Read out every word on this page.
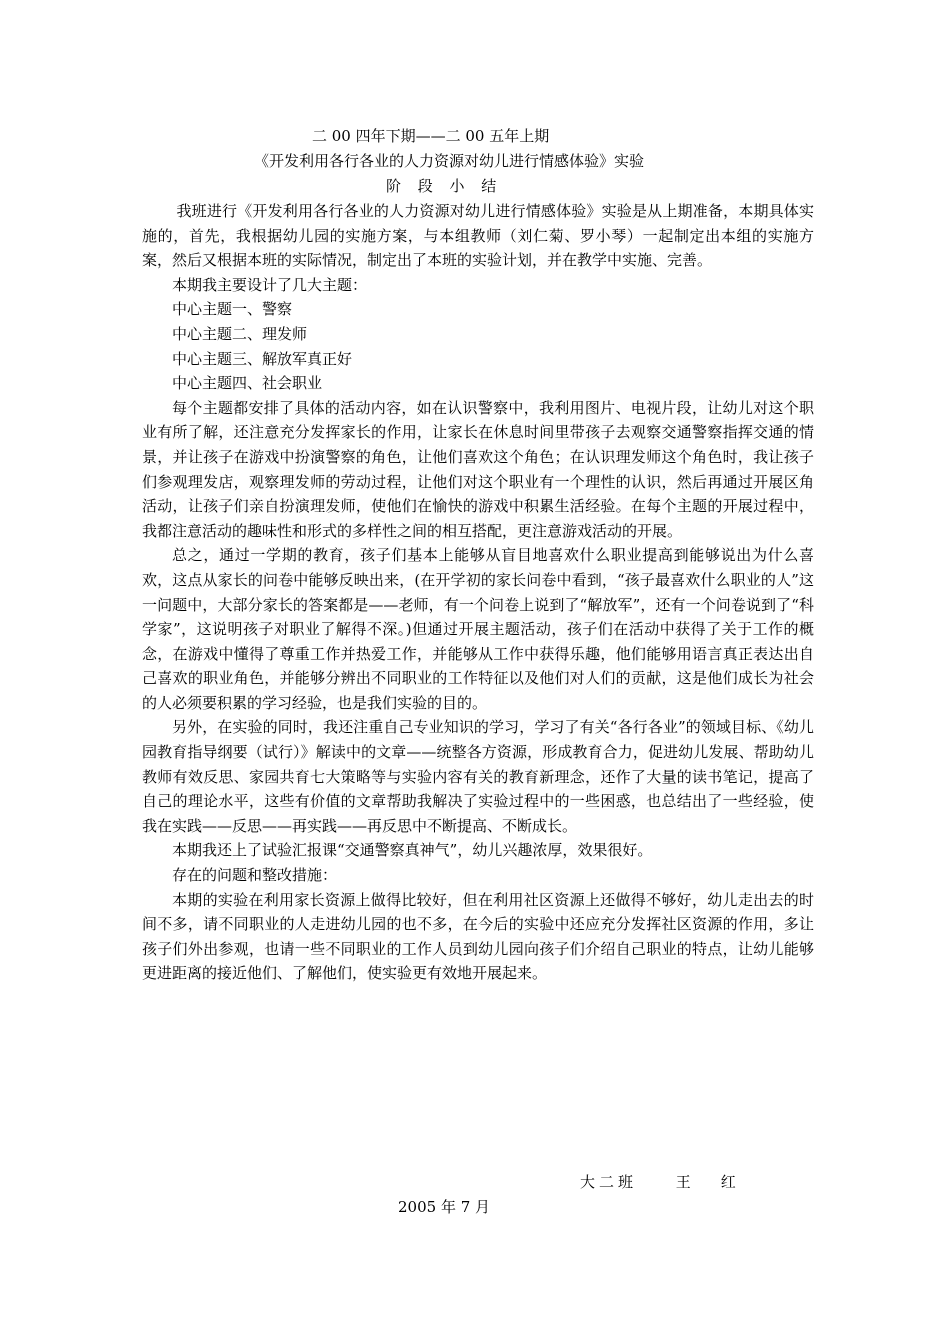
二 00 四年下期——二 00 五年上期
《开发利用各行各业的人力资源对幼儿进行情感体验》实验
阶 段 小 结

我班进行《开发利用各行各业的人力资源对幼儿进行情感体验》实验是从上期准备，本期具体实施的，首先，我根据幼儿园的实施方案，与本组教师（刘仁菊、罗小琴）一起制定出本组的实施方案，然后又根据本班的实际情况，制定出了本班的实验计划，并在教学中实施、完善。

本期我主要设计了几大主题：

中心主题一、警察

中心主题二、理发师

中心主题三、解放军真正好

中心主题四、社会职业

每个主题都安排了具体的活动内容，如在认识警察中，我利用图片、电视片段，让幼儿对这个职业有所了解，还注意充分发挥家长的作用，让家长在休息时间里带孩子去观察交通警察指挥交通的情景，并让孩子在游戏中扮演警察的角色，让他们喜欢这个角色；在认识理发师这个角色时，我让孩子们参观理发店，观察理发师的劳动过程，让他们对这个职业有一个理性的认识，然后再通过开展区角活动，让孩子们亲自扮演理发师，使他们在愉快的游戏中积累生活经验。在每个主题的开展过程中，我都注意活动的趣味性和形式的多样性之间的相互搭配，更注意游戏活动的开展。

总之，通过一学期的教育，孩子们基本上能够从盲目地喜欢什么职业提高到能够说出为什么喜欢，这点从家长的问卷中能够反映出来，(在开学初的家长问卷中看到，“孩子最喜欢什么职业的人”这一问题中，大部分家长的答案都是——老师，有一个问卷上说到了“解放军”，还有一个问卷说到了“科学家”，这说明孩子对职业了解得不深。)但通过开展主题活动，孩子们在活动中获得了关于工作的概念，在游戏中懂得了尊重工作并热爱工作，并能够从工作中获得乐趣，他们能够用语言真正表达出自己喜欢的职业角色，并能够分辨出不同职业的工作特征以及他们对人们的贡献，这是他们成长为社会的人必须要积累的学习经验，也是我们实验的目的。

另外，在实验的同时，我还注重自己专业知识的学习，学习了有关“各行各业”的领域目标、《幼儿园教育指导纲要（试行）》解读中的文章——统整各方资源，形成教育合力，促进幼儿发展、帮助幼儿教师有效反思、家园共育七大策略等与实验内容有关的教育新理念，还作了大量的读书笔记，提高了自己的理论水平，这些有价值的文章帮助我解决了实验过程中的一些困惑，也总结出了一些经验，使我在实践——反思——再实践——再反思中不断提高、不断成长。

本期我还上了试验汇报课“交通警察真神气”，幼儿兴趣浓厚，效果很好。

存在的问题和整改措施：

本期的实验在利用家长资源上做得比较好，但在利用社区资源上还做得不够好，幼儿走出去的时间不多，请不同职业的人走进幼儿园的也不多，在今后的实验中还应充分发挥社区资源的作用，多让孩子们外出参观，也请一些不同职业的工作人员到幼儿园向孩子们介绍自己职业的特点，让幼儿能够更进距离的接近他们、了解他们，使实验更有效地开展起来。

大二班	王红
2005 年 7 月
